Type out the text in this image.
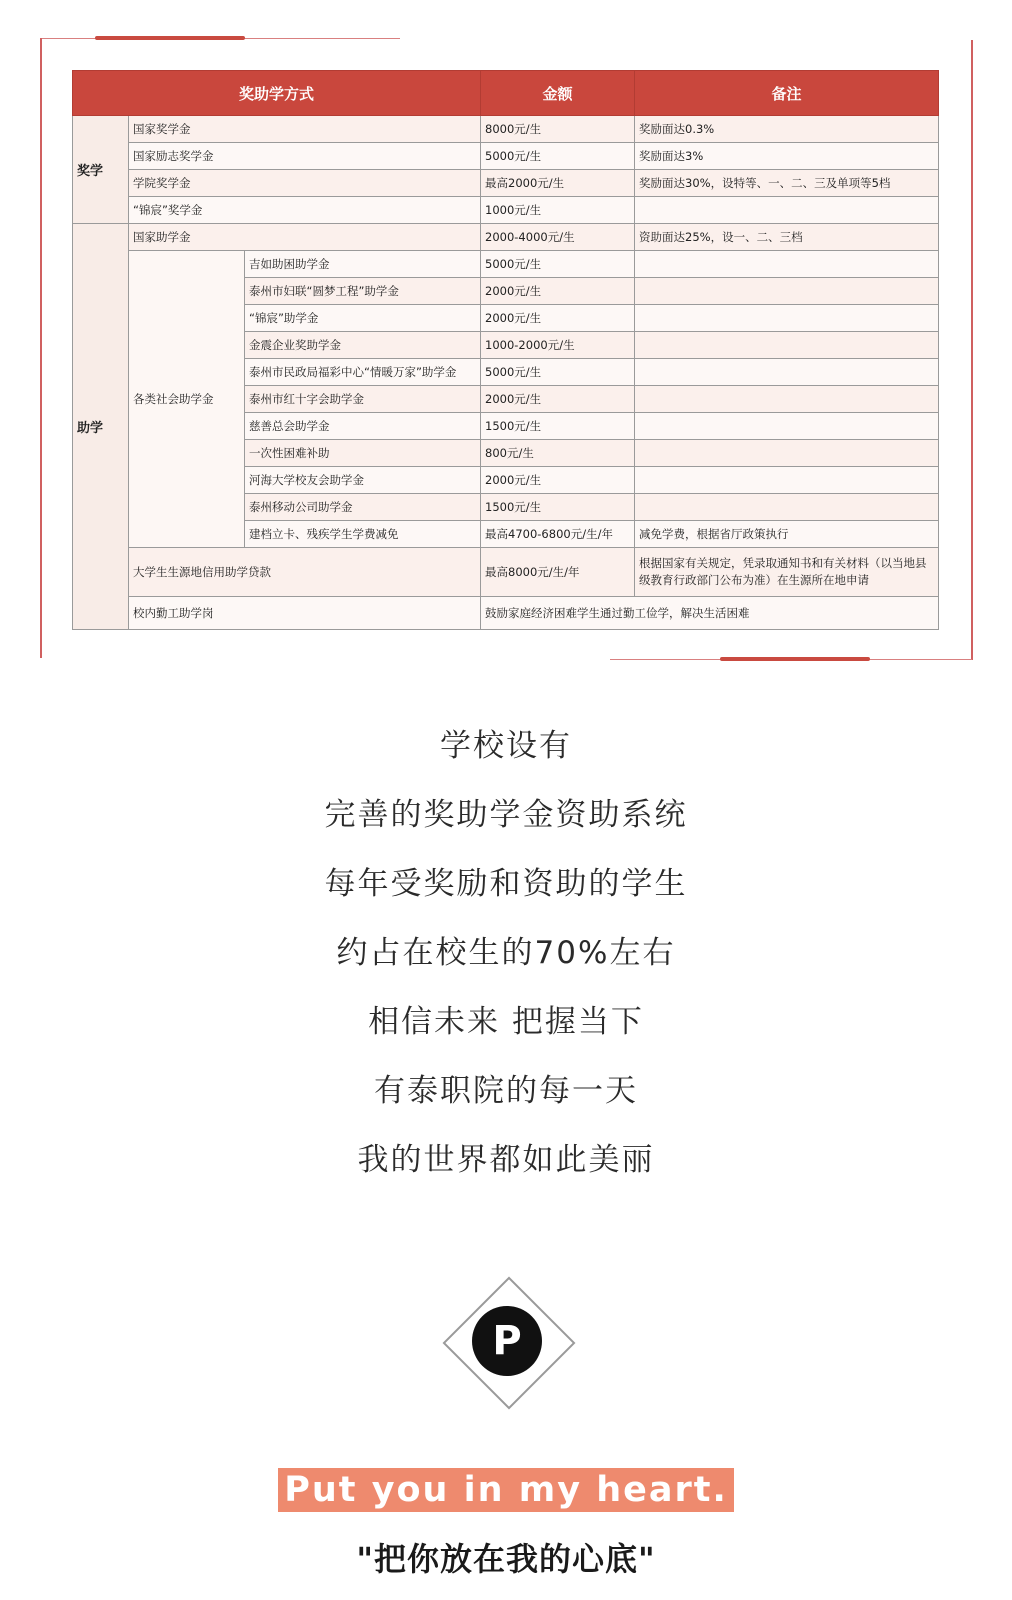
奖助学方式			金额	备注
奖学	国家奖学金		8000元/生	奖励面达0.3%
	国家励志奖学金		5000元/生	奖励面达3%
	学院奖学金		最高2000元/生	奖励面达30%，设特等、一、二、三及单项等5档
	“锦宸”奖学金		1000元/生	
助学	国家助学金		2000-4000元/生	资助面达25%，设一、二、三档
	各类社会助学金	吉如助困助学金	5000元/生	
		泰州市妇联“圆梦工程”助学金	2000元/生	
		“锦宸”助学金	2000元/生	
		金震企业奖助学金	1000-2000元/生	
		泰州市民政局福彩中心“情暖万家”助学金	5000元/生	
		泰州市红十字会助学金	2000元/生	
		慈善总会助学金	1500元/生	
		一次性困难补助	800元/生	
		河海大学校友会助学金	2000元/生	
		泰州移动公司助学金	1500元/生	
		建档立卡、残疾学生学费减免	最高4700-6800元/生/年	减免学费，根据省厅政策执行
	大学生生源地信用助学贷款		最高8000元/生/年	根据国家有关规定，凭录取通知书和有关材料（以当地县级教育行政部门公布为准）在生源所在地申请
	校内勤工助学岗		鼓励家庭经济困难学生通过勤工俭学，解决生活困难	
学校设有
完善的奖助学金资助系统
每年受奖励和资助的学生
约占在校生的70%左右
相信未来 把握当下
有泰职院的每一天
我的世界都如此美丽
P
Put you in my heart.
"把你放在我的心底"
